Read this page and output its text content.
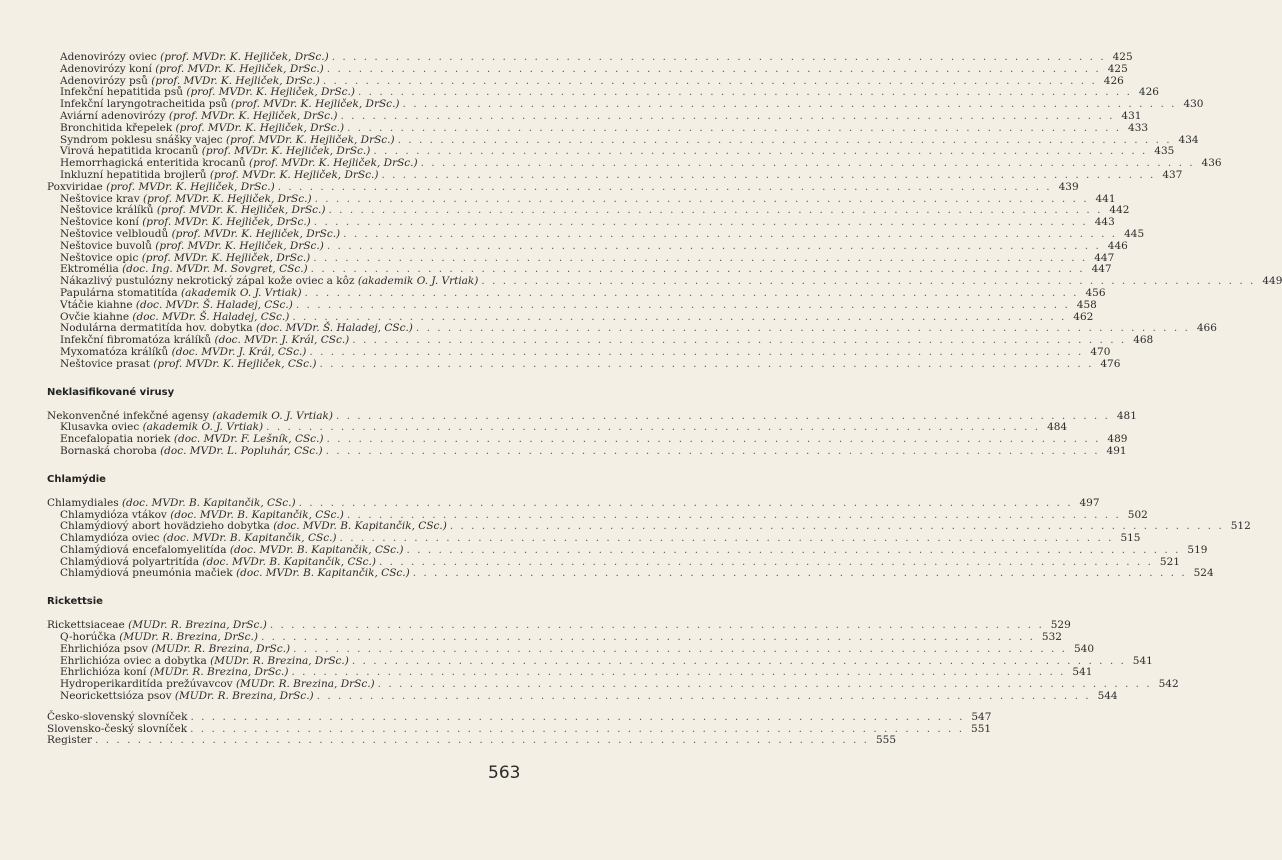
Adenovirózy oviec (prof. MVDr. K. Hejliček, DrSc.) . . .	425
Adenovirózy koní (prof. MVDr. K. Hejliček, DrSc.) . . .	425
Adenovirózy psů (prof. MVDr. K. Hejliček, DrSc.) . . .	426
Infekční hepatitida psů (prof. MVDr. K. Hejliček, DrSc.) . . .	426
Infekční laryngotracheitida psů (prof. MVDr. K. Hejliček, DrSc.) . . .	430
Aviární adenovirózy (prof. MVDr. K. Hejliček, DrSc.) . . .	431
Bronchitida křepelek (prof. MVDr. K. Hejliček, DrSc.) . . .	433
Syndrom poklesu snášky vajec (prof. MVDr. K. Hejliček, DrSc.) . . .	434
Virová hepatitida krocanů (prof. MVDr. K. Hejliček, DrSc.) . . .	435
Hemorrhagická enteritida krocanů (prof. MVDr. K. Hejliček, DrSc.) . . .	436
Inkluzní hepatitida brojlerů (prof. MVDr. K. Hejliček, DrSc.) . . .	437
Poxviridae (prof. MVDr. K. Hejliček, DrSc.) . . .	439
Neštovice krav (prof. MVDr. K. Hejliček, DrSc.) . . .	441
Neštovice králíků (prof. MVDr. K. Hejliček, DrSc.) . . .	442
Neštovice koní (prof. MVDr. K. Hejliček, DrSc.) . . .	443
Neštovice velbloudů (prof. MVDr. K. Hejliček, DrSc.) . . .	445
Neštovice buvolů (prof. MVDr. K. Hejliček, DrSc.) . . .	446
Neštovice opic (prof. MVDr. K. Hejliček, DrSc.) . . .	447
Ektromélia (doc. Ing. MVDr. M. Sovgret, CSc.) . . .	447
Nákazlivý pustulózny nekrotický zápal kože oviec a kôz (akademik O. J. Vrtiak) . . .	449
Papulárna stomatitída (akademik O. J. Vrtiak) . . .	456
Vtáčie kiahne (doc. MVDr. Š. Haladej, CSc.) . . .	458
Ovčie kiahne (doc. MVDr. Š. Haladej, CSc.) . . .	462
Nodulárna dermatitída hov. dobytka (doc. MVDr. Š. Haladej, CSc.) . . .	466
Infekční fibromatóza králíků (doc. MVDr. J. Král, CSc.) . . .	468
Myxomatóza králíků (doc. MVDr. J. Král, CSc.) . . .	470
Neštovice prasat (prof. MVDr. K. Hejliček, CSc.) . . .	476
Neklasifikované virusy
Nekonvenčné infekčné agensy (akademik O. J. Vrtiak) . . .	481
Klusavka oviec (akademik O. J. Vrtiak) . . .	484
Encefalopatia noriek (doc. MVDr. F. Lešník, CSc.) . . .	489
Bornaská choroba (doc. MVDr. L. Popluhár, CSc.) . . .	491
Chlamýdie
Chlamydiales (doc. MVDr. B. Kapitančik, CSc.) . . .	497
Chlamydióza vtákov (doc. MVDr. B. Kapitančik, CSc.) . . .	502
Chlamýdiový abort hovädzieho dobytka (doc. MVDr. B. Kapitančik, CSc.) . . .	512
Chlamydióza oviec (doc. MVDr. B. Kapitančik, CSc.) . . .	515
Chlamýdiová encefalomyelitída (doc. MVDr. B. Kapitančik, CSc.) . . .	519
Chlamýdiová polyartritída (doc. MVDr. B. Kapitančik, CSc.) . . .	521
Chlamýdiová pneumónia mačiek (doc. MVDr. B. Kapitančik, CSc.) . . .	524
Rickettsie
Rickettsiaceae (MUDr. R. Brezina, DrSc.) . . .	529
Q-horúčka (MUDr. R. Brezina, DrSc.) . . .	532
Ehrlichióza psov (MUDr. R. Brezina, DrSc.) . . .	540
Ehrlichióza oviec a dobytka (MUDr. R. Brezina, DrSc.) . . .	541
Ehrlichióza koní (MUDr. R. Brezina, DrSc.) . . .	541
Hydroperikarditída prežúvavcov (MUDr. R. Brezina, DrSc.) . . .	542
Neorickettsióza psov (MUDr. R. Brezina, DrSc.) . . .	544
Česko-slovenský slovníček . . .	547
Slovensko-český slovníček . . .	551
Register . . .	555
563
